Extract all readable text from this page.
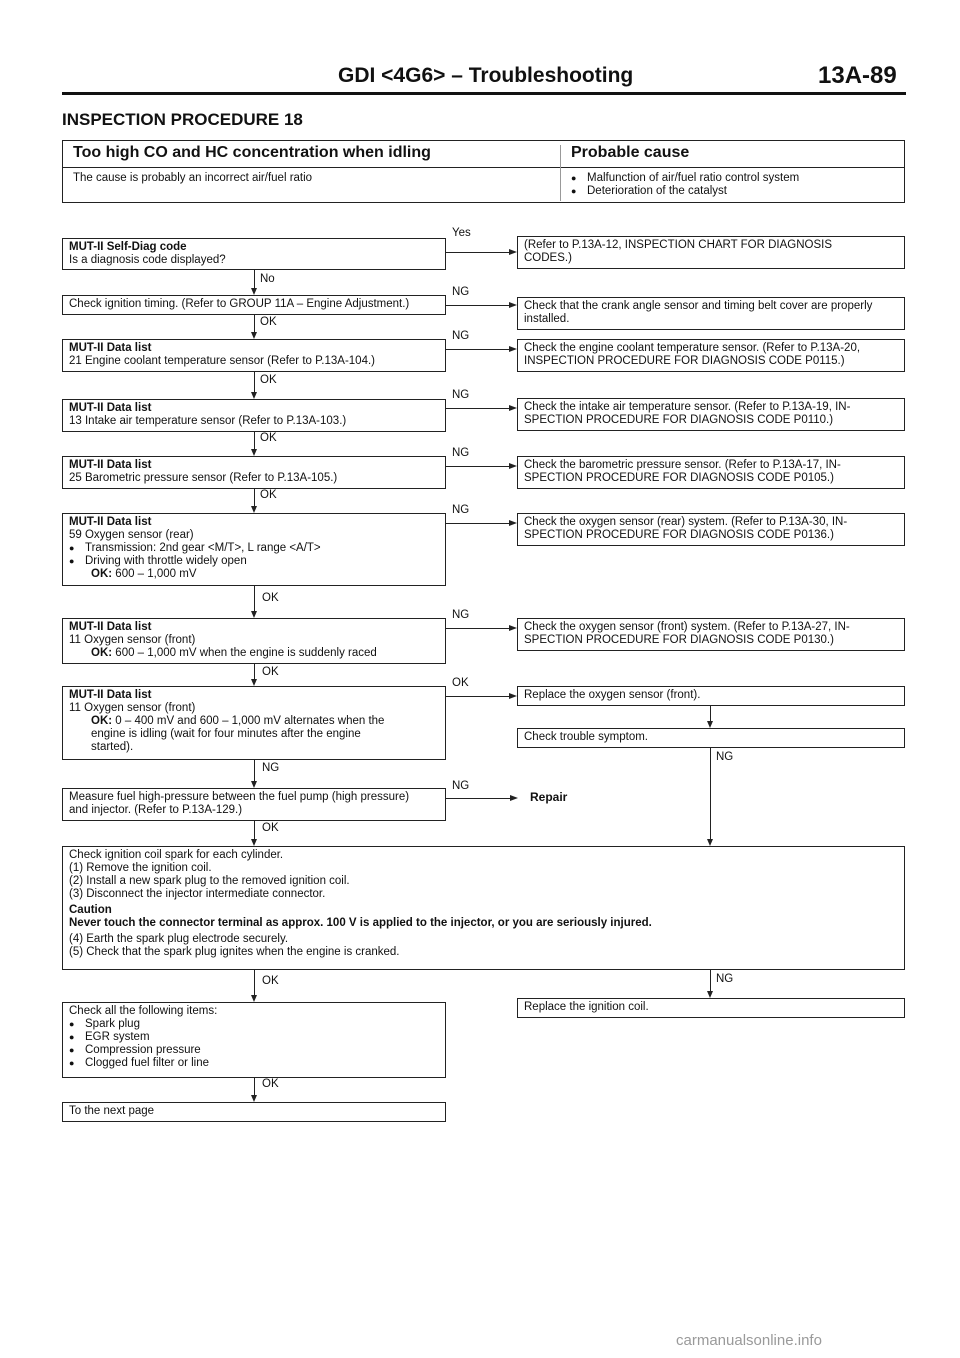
GDI <4G6> – Troubleshooting	13A-89
INSPECTION PROCEDURE 18
Too high CO and HC concentration when idling	Probable cause
The cause is probably an incorrect air/fuel ratio
●	Malfunction of air/fuel ratio control system
● Deterioration of the catalyst
MUT-II Self-Diag code
Is a diagnosis code displayed?
Check ignition timing. (Refer to GROUP 11A – Engine Adjustment.)
MUT-II Data list
21 Engine coolant temperature sensor (Refer to P.13A-104.)
MUT-II Data list
13 Intake air temperature sensor (Refer to P.13A-103.)
MUT-II Data list
25 Barometric pressure sensor (Refer to P.13A-105.)
MUT-II Data list
59 Oxygen sensor (rear)
● Transmission: 2nd gear <M/T>, L range <A/T>
● Driving with throttle widely open
OK: 600 – 1,000 mV
MUT-II Data list
11 Oxygen sensor (front)
OK: 600 – 1,000 mV when the engine is suddenly raced
MUT-II Data list
11 Oxygen sensor (front)
OK: 0 – 400 mV and 600 – 1,000 mV alternates when the
engine is idling (wait for four minutes after the engine
started).
Measure fuel high-pressure between the fuel pump (high pressure)
and injector. (Refer to P.13A-129.)
Check ignition coil spark for each cylinder.
(1) Remove the ignition coil.
(2) Install a new spark plug to the removed ignition coil.
(3) Disconnect the injector intermediate connector.
Caution
Never touch the connector terminal as approx. 100 V is applied to the injector, or you are seriously injured.
(4) Earth the spark plug electrode securely.
(5) Check that the spark plug ignites when the engine is cranked.
Check all the following items:
● Spark plug
● EGR system
● Compression pressure
● Clogged fuel filter or line
To the next page
(Refer to P.13A-12, INSPECTION CHART FOR DIAGNOSIS
CODES.)
Check that the crank angle sensor and timing belt cover are properly
installed.
Check the engine coolant temperature sensor. (Refer to P.13A-20,
INSPECTION PROCEDURE FOR DIAGNOSIS CODE P0115.)
Check the intake air temperature sensor. (Refer to P.13A-19, IN-
SPECTION PROCEDURE FOR DIAGNOSIS CODE P0110.)
Check the barometric pressure sensor. (Refer to P.13A-17, IN-
SPECTION PROCEDURE FOR DIAGNOSIS CODE P0105.)
Check the oxygen sensor (rear) system. (Refer to P.13A-30, IN-
SPECTION PROCEDURE FOR DIAGNOSIS CODE P0136.)
Check the oxygen sensor (front) system. (Refer to P.13A-27, IN-
SPECTION PROCEDURE FOR DIAGNOSIS CODE P0130.)
Replace the oxygen sensor (front).
Check trouble symptom.
Replace the ignition coil.
Repair
Yes
NG
NG
NG
NG
NG
NG
OK
NG
No
OK
OK
OK
OK
OK
OK
NG
OK
OK
OK
NG
NG
carmanualsonline.info
